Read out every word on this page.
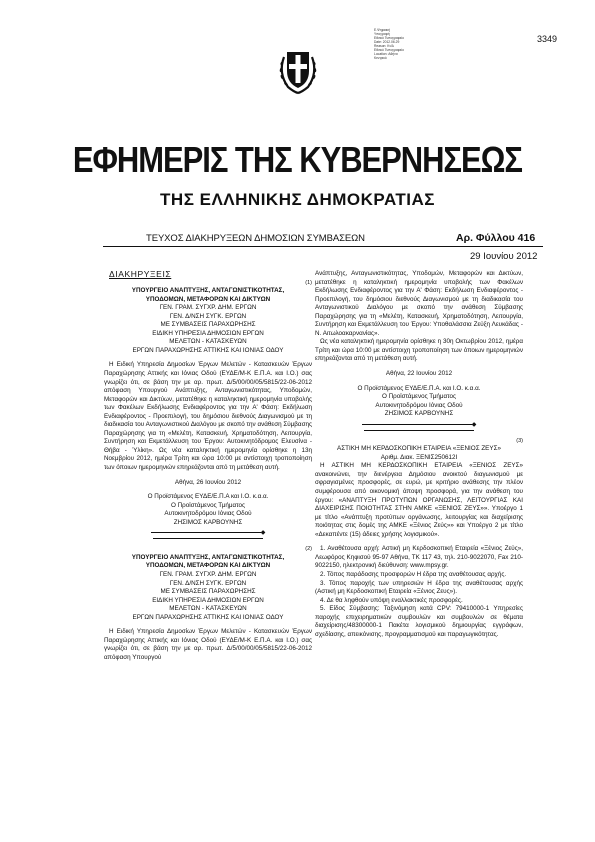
3349
Ε.Ψηφιακή
Υπογραφή
Εθνικό Τυπογραφείο
Date: 2012.06.29
Reason: Κτ/Δ
Εθνικό Τυπογραφείο
Location: Αθήνα
Κεντρικό
ΕΦΗΜΕΡΙΣ ΤΗΣ ΚΥΒΕΡΝΗΣΕΩΣ
ΤΗΣ ΕΛΛΗΝΙΚΗΣ ΔΗΜΟΚΡΑΤΙΑΣ
ΤΕΥΧΟΣ ΔΙΑΚΗΡΥΞΕΩΝ ΔΗΜΟΣΙΩΝ ΣΥΜΒΑΣΕΩΝ	Αρ. Φύλλου 416
29 Ιουνίου 2012

ΔΙΑΚΗΡΥΞΕΙΣ

(1)

ΥΠΟΥΡΓΕΙΟ ΑΝΑΠΤΥΞΗΣ, ΑΝΤΑΓΩΝΙΣΤΙΚΟΤΗΤΑΣ,

ΥΠΟΔΟΜΩΝ, ΜΕΤΑΦΟΡΩΝ ΚΑΙ ΔΙΚΤΥΩΝ

ΓΕΝ. ΓΡΑΜ. ΣΥΓΧΡ. ΔΗΜ. ΕΡΓΩΝ

ΓΕΝ. Δ/ΝΣΗ ΣΥΓΚ. ΕΡΓΩΝ

ΜΕ ΣΥΜΒΑΣΕΙΣ ΠΑΡΑΧΩΡΗΣΗΣ

ΕΙΔΙΚΗ ΥΠΗΡΕΣΙΑ ΔΗΜΟΣΙΩΝ ΕΡΓΩΝ

ΜΕΛΕΤΩΝ - ΚΑΤΑΣΚΕΥΩΝ

ΕΡΓΩΝ ΠΑΡΑΧΩΡΗΣΗΣ ΑΤΤΙΚΗΣ ΚΑΙ ΙΟΝΙΑΣ ΟΔΟΥ

Η Ειδική Υπηρεσία Δημοσίων Έργων Μελετών - Κατασκευών Έργων Παραχώρησης Αττικής και Ιόνιας Οδού (ΕΥΔΕ/Μ-Κ Ε.Π.Α. και Ι.Ο.) σας γνωρίζει ότι, σε βάση την με αρ. πρωτ. Δ/5/00/00/05/5815/22-06-2012 απόφαση Υπουργού Ανάπτυξης, Ανταγωνιστικότητας, Υποδομών, Μεταφορών και Δικτύων, μετατέθηκε η καταληκτική ημερομηνία υποβολής των Φακέλων Εκδήλωσης Ενδιαφέροντος για την Α' Φάση: Εκδήλωση Ενδιαφέροντος - Προεπιλογή, του δημόσιου διεθνούς Διαγωνισμού με τη διαδικασία του Ανταγωνιστικού Διαλόγου με σκοπό την ανάθεση Σύμβασης Παραχώρησης για τη «Μελέτη, Κατασκευή, Χρηματοδότηση, Λειτουργία, Συντήρηση και Εκμετάλλευση του Έργου: Αυτοκινητόδρομος Ελευσίνα - Θήβα - Ύλίκη». Ως νέα καταληκτική ημερομηνία ορίσθηκε η 13η Νοεμβρίου 2012, ημέρα Τρίτη και ώρα 10:00 με αντίστοιχη τροποποίηση των όποιων ημερομηνιών επηρεάζονται από τη μετάθεση αυτή.

Αθήνα, 26 Ιουνίου 2012

Ο Προϊστάμενος ΕΥΔΕ/Ε.Π.Α και Ι.Ο. κ.α.α.

Ο Προϊστάμενος Τμήματος

Αυτοκινητοδρόμου Ιόνιας Οδού

ΖΗΣΙΜΟΣ ΚΑΡΒΟΥΝΗΣ

◆

(2)

ΥΠΟΥΡΓΕΙΟ ΑΝΑΠΤΥΞΗΣ, ΑΝΤΑΓΩΝΙΣΤΙΚΟΤΗΤΑΣ,

ΥΠΟΔΟΜΩΝ, ΜΕΤΑΦΟΡΩΝ ΚΑΙ ΔΙΚΤΥΩΝ

ΓΕΝ. ΓΡΑΜ. ΣΥΓΧΡ. ΔΗΜ. ΕΡΓΩΝ

ΓΕΝ. Δ/ΝΣΗ ΣΥΓΚ. ΕΡΓΩΝ

ΜΕ ΣΥΜΒΑΣΕΙΣ ΠΑΡΑΧΩΡΗΣΗΣ

ΕΙΔΙΚΗ ΥΠΗΡΕΣΙΑ ΔΗΜΟΣΙΩΝ ΕΡΓΩΝ

ΜΕΛΕΤΩΝ - ΚΑΤΑΣΚΕΥΩΝ

ΕΡΓΩΝ ΠΑΡΑΧΩΡΗΣΗΣ ΑΤΤΙΚΗΣ ΚΑΙ ΙΟΝΙΑΣ ΟΔΟΥ

Η Ειδική Υπηρεσία Δημοσίων Έργων Μελετών - Κατασκευών Έργων Παραχώρησης Αττικής και Ιόνιας Οδού (ΕΥΔΕ/Μ-Κ Ε.Π.Α. και Ι.Ο.) σας γνωρίζει ότι, σε βάση την με αρ. πρωτ. Δ/5/00/00/05/5815/22-06-2012 απόφαση Υπουργού

Ανάπτυξης, Ανταγωνιστικότητας, Υποδομών, Μεταφορών και Δικτύων, μετατέθηκε η καταληκτική ημερομηνία υποβολής των Φακέλων Εκδήλωσης Ενδιαφέροντος για την Α' Φάση: Εκδήλωση Ενδιαφέροντος - Προεπιλογή, του δημόσιου διεθνούς Διαγωνισμού με τη διαδικασία του Ανταγωνιστικού Διαλόγου με σκοπό την ανάθεση Σύμβασης Παραχώρησης για τη «Μελέτη, Κατασκευή, Χρηματοδότηση, Λειτουργία, Συντήρηση και Εκμετάλλευση του Έργου: Υποθαλάσσια Ζεύξη Λευκάδας - Ν. Αιτωλοακαρνανίας».

Ως νέα καταληκτική ημερομηνία ορίσθηκε η 30η Οκτωβρίου 2012, ημέρα Τρίτη και ώρα 10:00 με αντίστοιχη τροποποίηση των όποιων ημερομηνιών επηρεάζονται από τη μετάθεση αυτή.

Αθήνα, 22 Ιουνίου 2012

Ο Προϊστάμενος ΕΥΔΕ/Ε.Π.Α. και Ι.Ο. κ.α.α.

Ο Προϊστάμενος Τμήματος

Αυτοκινητοδρόμου Ιόνιας Οδού

ΖΗΣΙΜΟΣ ΚΑΡΒΟΥΝΗΣ

◆

(3)

ΑΣΤΙΚΗ ΜΗ ΚΕΡΔΟΣΚΟΠΙΚΗ ΕΤΑΙΡΕΙΑ «ΞΕΝΙΟΣ ΖΕΥΣ»

Αριθμ. Διακ. ΞΕΝΙΣ250612Ι

Η ΑΣΤΙΚΗ ΜΗ ΚΕΡΔΟΣΚΟΠΙΚΗ ΕΤΑΙΡΕΙΑ «ΞΕΝΙΟΣ ΖΕΥΣ» ανακοινώνει, την διενέργεια Δημόσιου ανοικτού διαγωνισμού με σφραγισμένες προσφορές, σε ευρώ, με κριτήριο ανάθεσης την πλέον συμφέρουσα από οικονομική άποψη προσφορά, για την ανάθεση του έργου: «ΑΝΑΠΤΥΞΗ ΠΡΟΤΥΠΩΝ ΟΡΓΑΝΩΣΗΣ, ΛΕΙΤΟΥΡΓΙΑΣ ΚΑΙ ΔΙΑΧΕΙΡΙΣΗΣ ΠΟΙΟΤΗΤΑΣ ΣΤΗΝ ΑΜΚΕ «ΞΕΝΙΟΣ ΖΕΥΣ»». Υποέργο 1 με τίτλο «Ανάπτυξη προτύπων οργάνωσης, λειτουργίας και διαχείρισης ποιότητας στις δομές της ΑΜΚΕ «Ξένιος Ζεύς»» και Υποέργο 2 με τίτλο «Δεκαπέντε (15) άδειες χρήσης λογισμικού».

1. Αναθέτουσα αρχή: Αστική μη Κερδοσκοπική Εταιρεία «Ξένιος Ζεύς», Λεωφόρος Κηφισού 95-97 Αθήνα, ΤΚ 117 43, τηλ. 210-9022070, Fax 210-9022150, ηλεκτρονική διεύθυνση: www.mpsy.gr.

2. Τόπος παράδοσης προσφορών Η έδρα της αναθέτουσας αρχής.

3. Τόπος παροχής των υπηρεσιών Η έδρα της αναθέτουσας αρχής (Αστική μη Κερδοσκοπική Εταιρεία «Ξένιος Ζευς»).

4. Δε θα ληφθούν υπόψη εναλλακτικές προσφορές.

5. Είδος Σύμβασης: Ταξινόμηση κατά CPV: 79410000-1 Υπηρεσίες παροχής επιχειρηματικών συμβουλών και συμβουλών σε θέματα διαχείρισης/48300000-1 Πακέτα λογισμικού δημιουργίας εγγράφων, σχεδίασης, απεικόνισης, προγραμματισμού και παραγωγικότητας.
